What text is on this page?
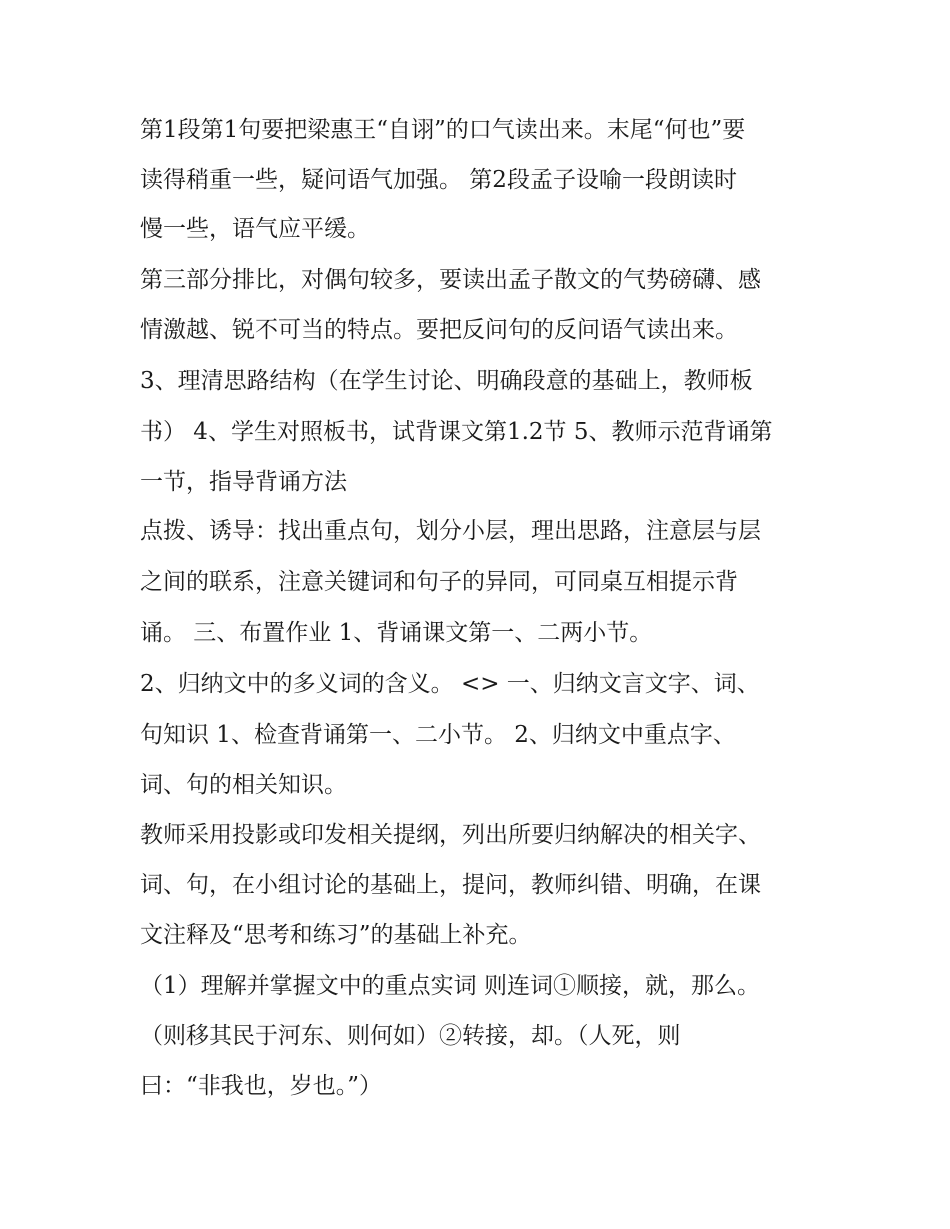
第1段第1句要把梁惠王“自诩”的口气读出来。末尾“何也”要
读得稍重一些，疑问语气加强。 第2段孟子设喻一段朗读时
慢一些，语气应平缓。
第三部分排比，对偶句较多，要读出孟子散文的气势磅礴、感
情激越、锐不可当的特点。要把反问句的反问语气读出来。
3、理清思路结构（在学生讨论、明确段意的基础上，教师板
书） 4、学生对照板书，试背课文第1.2节 5、教师示范背诵第
一节，指导背诵方法
点拨、诱导：找出重点句，划分小层，理出思路，注意层与层
之间的联系，注意关键词和句子的异同，可同桌互相提示背
诵。 三、布置作业 1、背诵课文第一、二两小节。
2、归纳文中的多义词的含义。 <> 一、归纳文言文字、词、
句知识 1、检查背诵第一、二小节。 2、归纳文中重点字、
词、句的相关知识。
教师采用投影或印发相关提纲，列出所要归纳解决的相关字、
词、句，在小组讨论的基础上，提问，教师纠错、明确，在课
文注释及“思考和练习”的基础上补充。
（1）理解并掌握文中的重点实词 则连词①顺接，就，那么。
（则移其民于河东、则何如）②转接，却。（人死，则
曰：“非我也，岁也。”）
